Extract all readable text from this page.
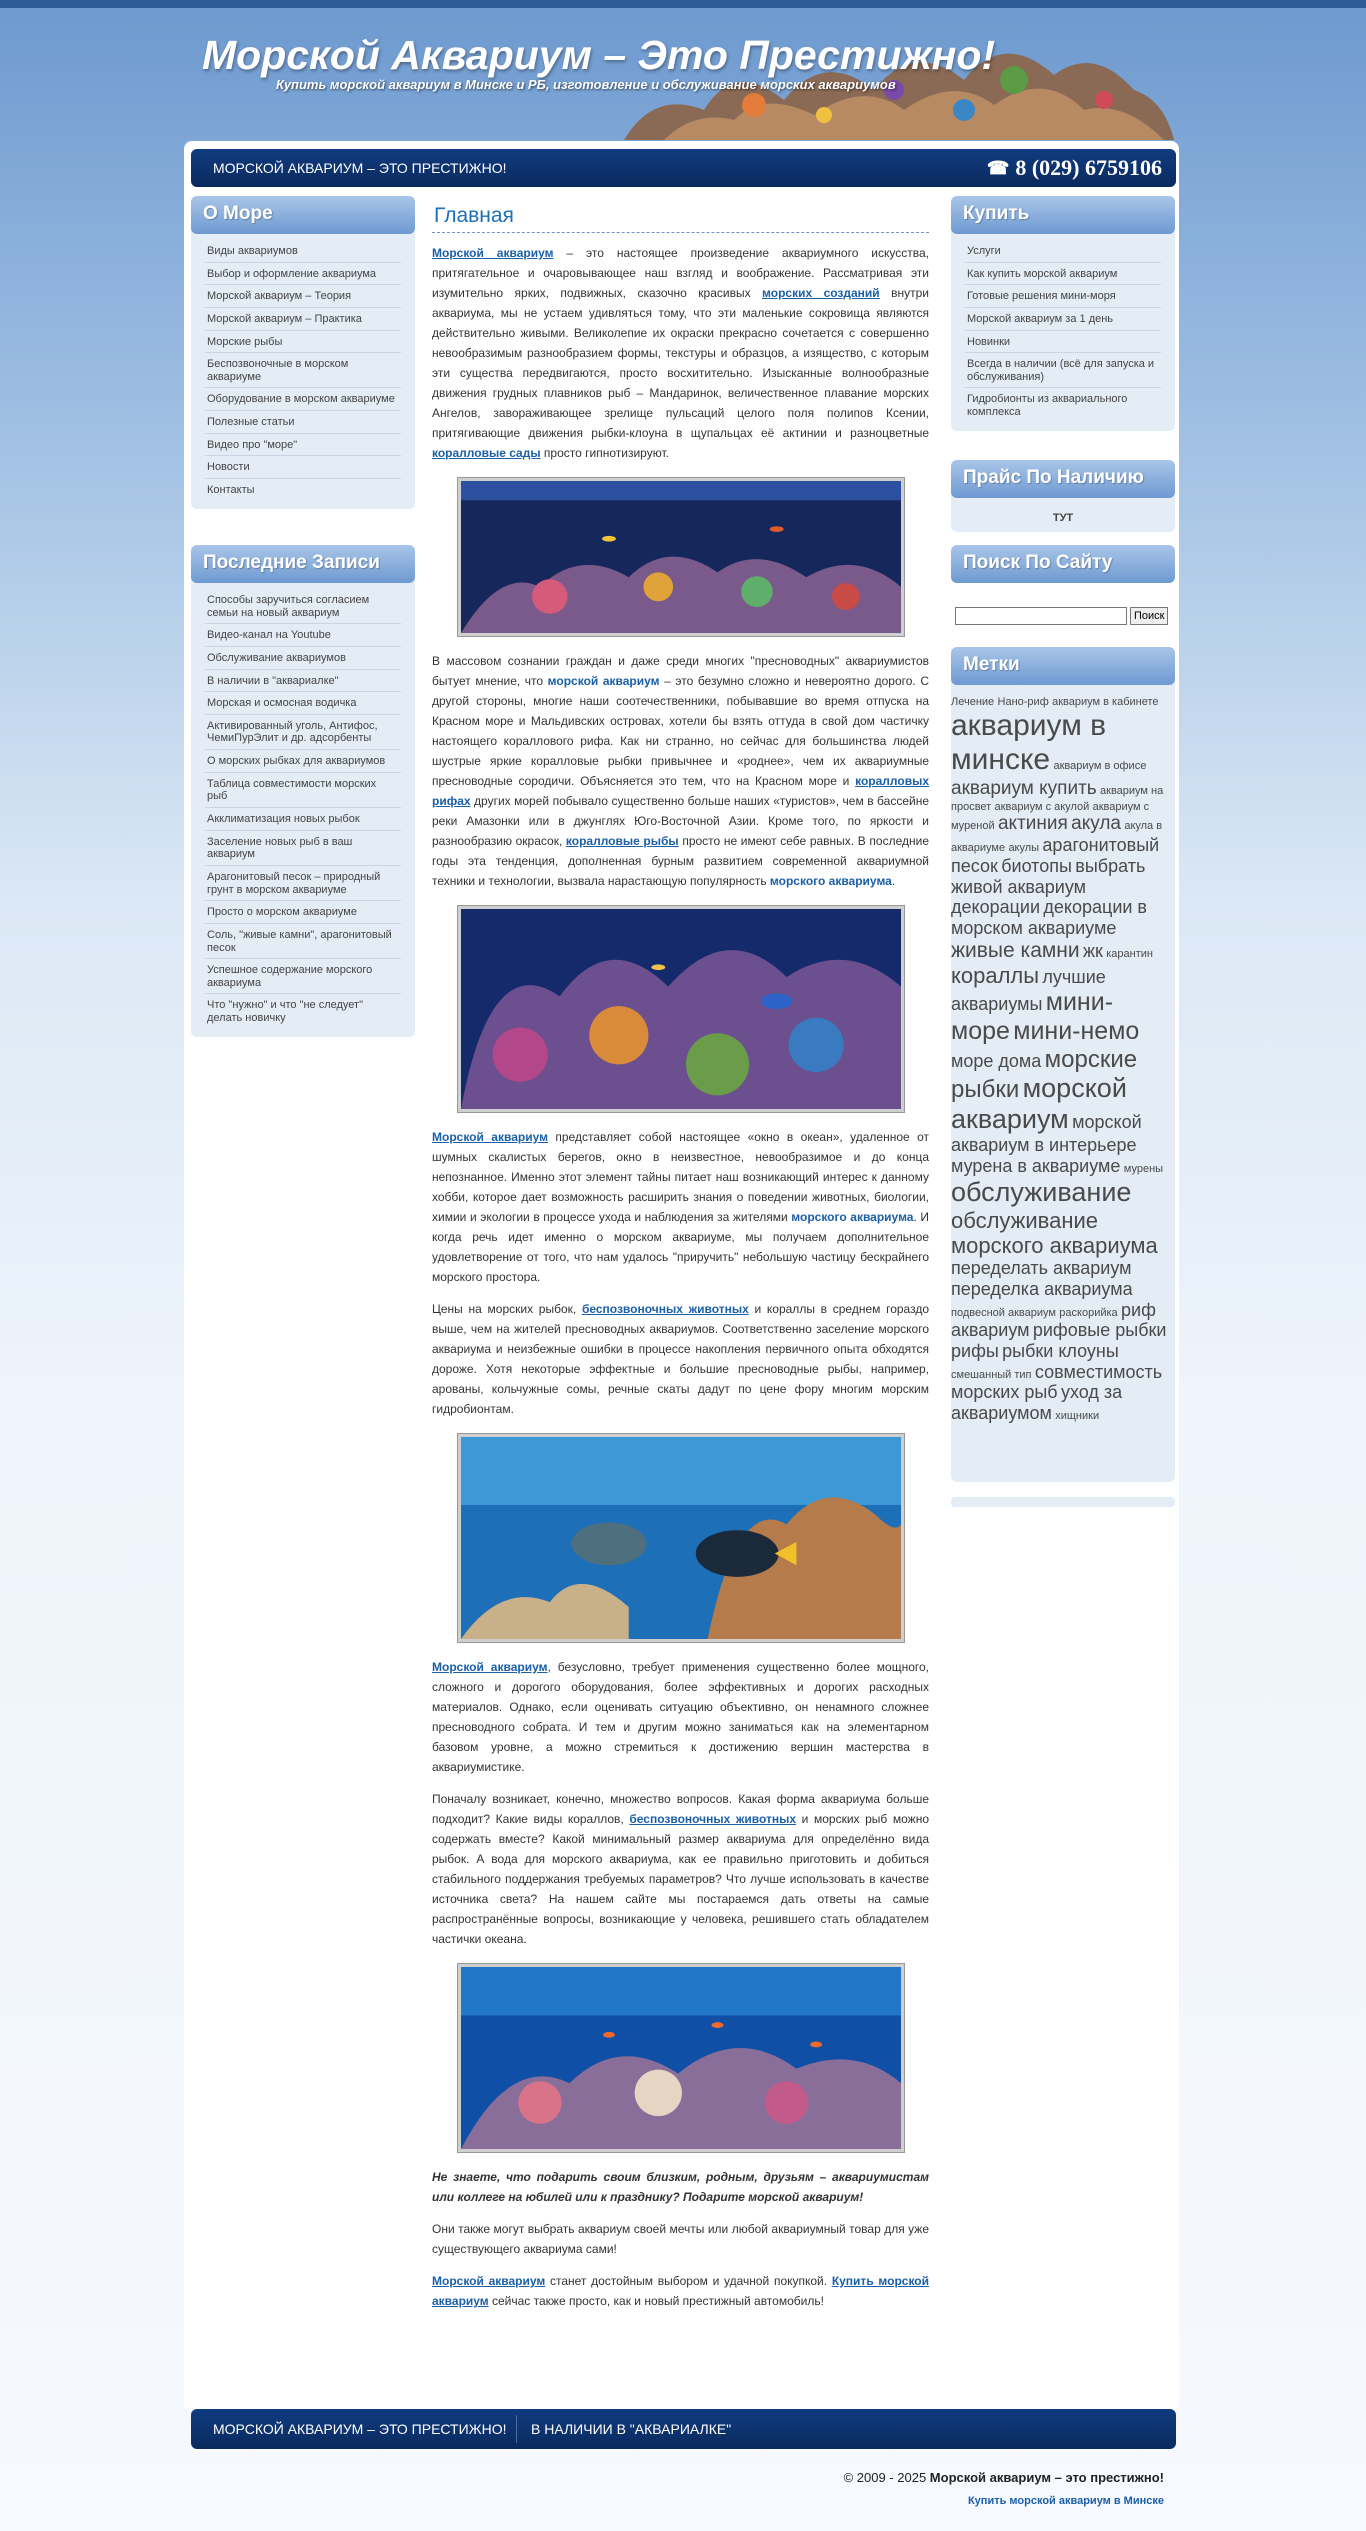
Морской Аквариум – Это Престижно!
Купить морской аквариум в Минске и РБ, изготовление и обслуживание морских аквариумов
МОРСКОЙ АКВАРИУМ – ЭТО ПРЕСТИЖНО!	☎ 8 (029) 6759106
О Море
Виды аквариумов
Выбор и оформление аквариума
Морской аквариум – Теория
Морской аквариум – Практика
Морские рыбы
Беспозвоночные в морском аквариуме
Оборудование в морском аквариуме
Полезные статьи
Видео про "море"
Новости
Контакты
Последние Записи
Способы заручиться согласием семьи на новый аквариум
Видео-канал на Youtube
Обслуживание аквариумов
В наличии в "аквариалке"
Морская и осмосная водичка
Активированный уголь, Антифос, ЧемиПурЭлит и др. адсорбенты
О морских рыбках для аквариумов
Таблица совместимости морских рыб
Акклиматизация новых рыбок
Заселение новых рыб в ваш аквариум
Арагонитовый песок – природный грунт в морском аквариуме
Просто о морском аквариуме
Соль, "живые камни", арагонитовый песок
Успешное содержание морского аквариума
Что "нужно" и что "не следует" делать новичку
Главная

Морской аквариум – это настоящее произведение аквариумного искусства, притягательное и очаровывающее наш взгляд и воображение. Рассматривая эти изумительно ярких, подвижных, сказочно красивых морских созданий внутри аквариума, мы не устаем удивляться тому, что эти маленькие сокровища являются действительно живыми. Великолепие их окраски прекрасно сочетается с совершенно невообразимым разнообразием формы, текстуры и образцов, а изящество, с которым эти существа передвигаются, просто восхитительно. Изысканные волнообразные движения грудных плавников рыб – Мандаринок, величественное плавание морских Ангелов, завораживающее зрелище пульсаций целого поля полипов Ксении, притягивающие движения рыбки-клоуна в щупальцах её актинии и разноцветные коралловые сады просто гипнотизируют.

В массовом сознании граждан и даже среди многих "пресноводных" аквариумистов бытует мнение, что морской аквариум – это безумно сложно и невероятно дорого. С другой стороны, многие наши соотечественники, побывавшие во время отпуска на Красном море и Мальдивских островах, хотели бы взять оттуда в свой дом частичку настоящего кораллового рифа. Как ни странно, но сейчас для большинства людей шустрые яркие коралловые рыбки привычнее и «роднее», чем их аквариумные пресноводные сородичи. Объясняется это тем, что на Красном море и коралловых рифах других морей побывало существенно больше наших «туристов», чем в бассейне реки Амазонки или в джунглях Юго-Восточной Азии. Кроме того, по яркости и разнообразию окрасок, коралловые рыбы просто не имеют себе равных. В последние годы эта тенденция, дополненная бурным развитием современной аквариумной техники и технологии, вызвала нарастающую популярность морского аквариума.

Морской аквариум представляет собой настоящее «окно в океан», удаленное от шумных скалистых берегов, окно в неизвестное, невообразимое и до конца непознанное. Именно этот элемент тайны питает наш возникающий интерес к данному хобби, которое дает возможность расширить знания о поведении животных, биологии, химии и экологии в процессе ухода и наблюдения за жителями морского аквариума. И когда речь идет именно о морском аквариуме, мы получаем дополнительное удовлетворение от того, что нам удалось "приручить" небольшую частицу бескрайнего морского простора.

Цены на морских рыбок, беспозвоночных животных и кораллы в среднем гораздо выше, чем на жителей пресноводных аквариумов. Соответственно заселение морского аквариума и неизбежные ошибки в процессе накопления первичного опыта обходятся дороже. Хотя некоторые эффектные и большие пресноводные рыбы, например, арованы, кольчужные сомы, речные скаты дадут по цене фору многим морским гидробионтам.

Морской аквариум, безусловно, требует применения существенно более мощного, сложного и дорогого оборудования, более эффективных и дорогих расходных материалов. Однако, если оценивать ситуацию объективно, он ненамного сложнее пресноводного собрата. И тем и другим можно заниматься как на элементарном базовом уровне, а можно стремиться к достижению вершин мастерства в аквариумистике.

Поначалу возникает, конечно, множество вопросов. Какая форма аквариума больше подходит? Какие виды кораллов, беспозвоночных животных и морских рыб можно содержать вместе? Какой минимальный размер аквариума для определённо вида рыбок. А вода для морского аквариума, как ее правильно приготовить и добиться стабильного поддержания требуемых параметров? Что лучше использовать в качестве источника света? На нашем сайте мы постараемся дать ответы на самые распространённые вопросы, возникающие у человека, решившего стать обладателем частички океана.

Не знаете, что подарить своим близким, родным, друзьям – аквариумистам или коллеге на юбилей или к празднику? Подарите морской аквариум!

Они также могут выбрать аквариум своей мечты или любой аквариумный товар для уже существующего аквариума сами!

Морской аквариум станет достойным выбором и удачной покупкой. Купить морской аквариум сейчас также просто, как и новый престижный автомобиль!

Купить
Услуги
Как купить морской аквариум
Готовые решения мини-моря
Морской аквариум за 1 день
Новинки
Всегда в наличии (всё для запуска и обслуживания)
Гидробионты из аквариального комплекса
Прайс По Наличию
ТУТ
Поиск По Сайту
Поиск
Метки
Лечение Нано-риф аквариум в кабинете аквариум в минске аквариум в офисе аквариум купить аквариум на просвет аквариум с акулой аквариум с муреной актиния акула акула в аквариуме акулы арагонитовый песок биотопы выбрать живой аквариум декорации декорации в морском аквариуме живые камни жк карантин кораллы лучшие аквариумы мини-море мини-немо море дома морские рыбки морской аквариум морской аквариум в интерьере мурена в аквариуме мурены обслуживание обслуживание морского аквариума переделать аквариум переделка аквариума подвесной аквариум раскорийка риф аквариум рифовые рыбки рифы рыбки клоуны смешанный тип совместимость морских рыб уход за аквариумом хищники
МОРСКОЙ АКВАРИУМ – ЭТО ПРЕСТИЖНО! В НАЛИЧИИ В "АКВАРИАЛКЕ"
© 2009 - 2025 Морской аквариум – это престижно!
Купить морской аквариум в Минске
